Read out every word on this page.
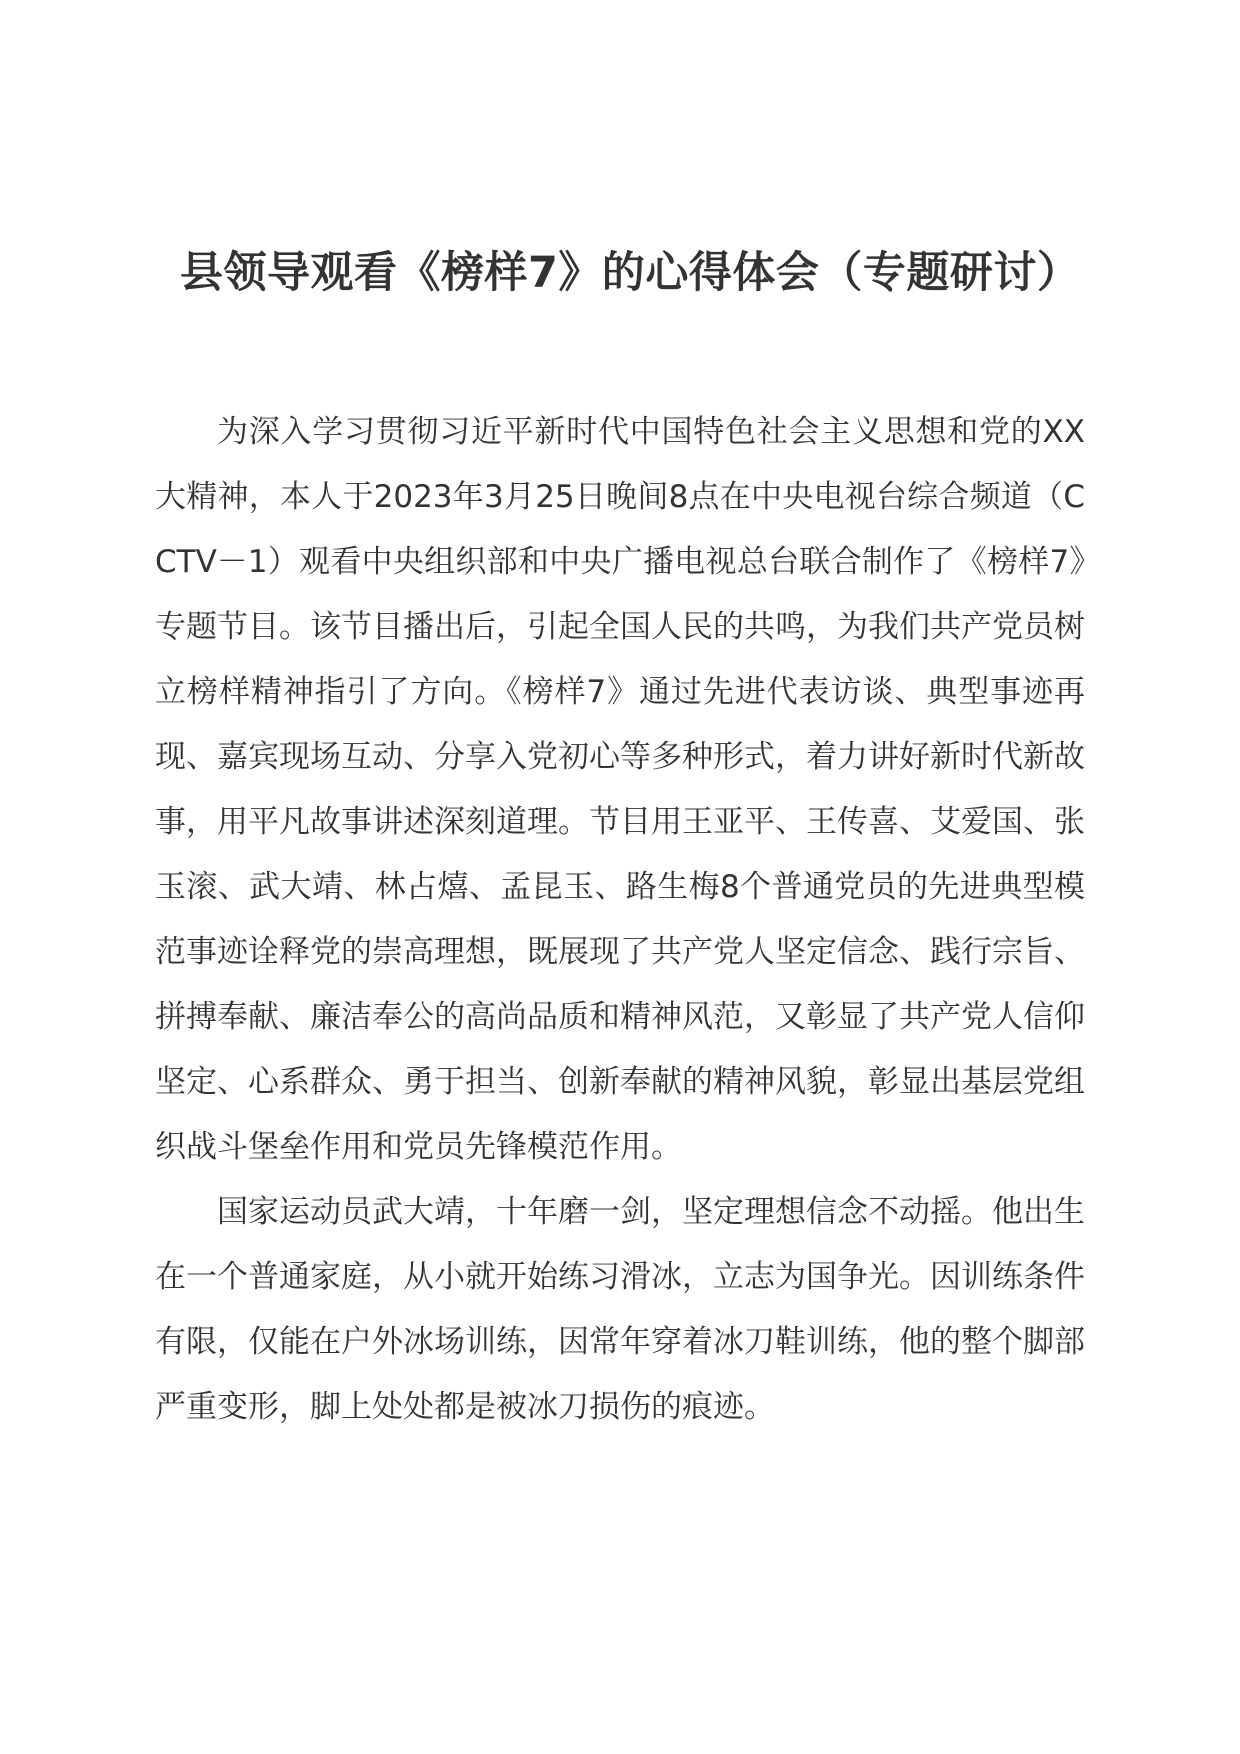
县领导观看《榜样7》的心得体会（专题研讨）

为深入学习贯彻习近平新时代中国特色社会主义思想和党的XX大精神，本人于2023年3月25日晚间8点在中央电视台综合频道（CCTV－1）观看中央组织部和中央广播电视总台联合制作了《榜样7》专题节目。该节目播出后，引起全国人民的共鸣，为我们共产党员树立榜样精神指引了方向。《榜样7》通过先进代表访谈、典型事迹再现、嘉宾现场互动、分享入党初心等多种形式，着力讲好新时代新故事，用平凡故事讲述深刻道理。节目用王亚平、王传喜、艾爱国、张玉滚、武大靖、林占熺、孟昆玉、路生梅8个普通党员的先进典型模范事迹诠释党的崇高理想，既展现了共产党人坚定信念、践行宗旨、拼搏奉献、廉洁奉公的高尚品质和精神风范，又彰显了共产党人信仰坚定、心系群众、勇于担当、创新奉献的精神风貌，彰显出基层党组织战斗堡垒作用和党员先锋模范作用。

国家运动员武大靖，十年磨一剑，坚定理想信念不动摇。他出生在一个普通家庭，从小就开始练习滑冰，立志为国争光。因训练条件有限，仅能在户外冰场训练，因常年穿着冰刀鞋训练，他的整个脚部严重变形，脚上处处都是被冰刀损伤的痕迹。
